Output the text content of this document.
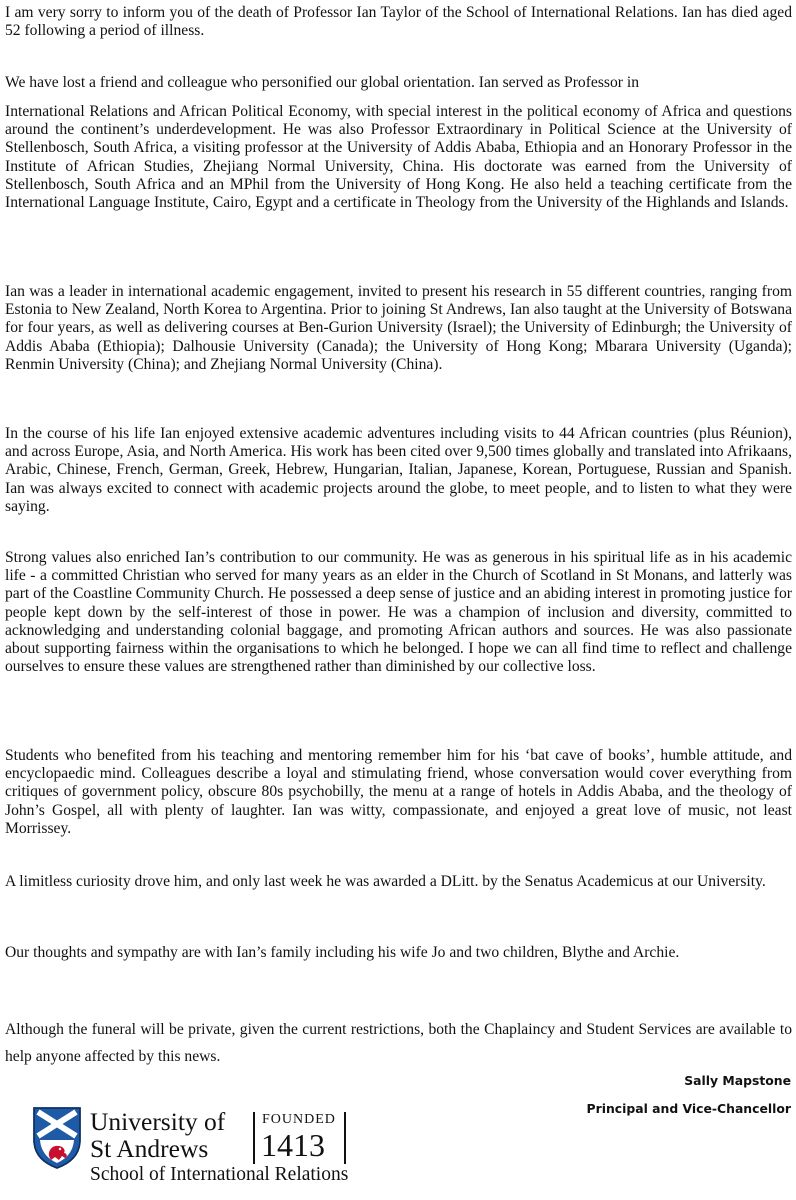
I am very sorry to inform you of the death of Professor Ian Taylor of the School of International Relations. Ian has died aged 52 following a period of illness.

We have lost a friend and colleague who personified our global orientation. Ian served as Professor in

International Relations and African Political Economy, with special interest in the political economy of Africa and questions around the continent’s underdevelopment. He was also Professor Extraordinary in Political Science at the University of Stellenbosch, South Africa, a visiting professor at the University of Addis Ababa, Ethiopia and an Honorary Professor in the Institute of African Studies, Zhejiang Normal University, China. His doctorate was earned from the University of Stellenbosch, South Africa and an MPhil from the University of Hong Kong. He also held a teaching certificate from the International Language Institute, Cairo, Egypt and a certificate in Theology from the University of the Highlands and Islands.

Ian was a leader in international academic engagement, invited to present his research in 55 different countries, ranging from Estonia to New Zealand, North Korea to Argentina. Prior to joining St Andrews, Ian also taught at the University of Botswana for four years, as well as delivering courses at Ben-Gurion University (Israel); the University of Edinburgh; the University of Addis Ababa (Ethiopia); Dalhousie University (Canada); the University of Hong Kong; Mbarara University (Uganda); Renmin University (China); and Zhejiang Normal University (China).

In the course of his life Ian enjoyed extensive academic adventures including visits to 44 African countries (plus Réunion), and across Europe, Asia, and North America. His work has been cited over 9,500 times globally and translated into Afrikaans, Arabic, Chinese, French, German, Greek, Hebrew, Hungarian, Italian, Japanese, Korean, Portuguese, Russian and Spanish. Ian was always excited to connect with academic projects around the globe, to meet people, and to listen to what they were saying.

Strong values also enriched Ian’s contribution to our community. He was as generous in his spiritual life as in his academic life - a committed Christian who served for many years as an elder in the Church of Scotland in St Monans, and latterly was part of the Coastline Community Church. He possessed a deep sense of justice and an abiding interest in promoting justice for people kept down by the self-interest of those in power. He was a champion of inclusion and diversity, committed to acknowledging and understanding colonial baggage, and promoting African authors and sources. He was also passionate about supporting fairness within the organisations to which he belonged. I hope we can all find time to reflect and challenge ourselves to ensure these values are strengthened rather than diminished by our collective loss.

Students who benefited from his teaching and mentoring remember him for his ‘bat cave of books’, humble attitude, and encyclopaedic mind. Colleagues describe a loyal and stimulating friend, whose conversation would cover everything from critiques of government policy, obscure 80s psychobilly, the menu at a range of hotels in Addis Ababa, and the theology of John’s Gospel, all with plenty of laughter. Ian was witty, compassionate, and enjoyed a great love of music, not least Morrissey.

A limitless curiosity drove him, and only last week he was awarded a DLitt. by the Senatus Academicus at our University.

Our thoughts and sympathy are with Ian’s family including his wife Jo and two children, Blythe and Archie.

Although the funeral will be private, given the current restrictions, both the Chaplaincy and Student Services are available to help anyone affected by this news.

Sally Mapstone

Principal and Vice-Chancellor

University of
St Andrews
FOUNDED
1413
School of International Relations
